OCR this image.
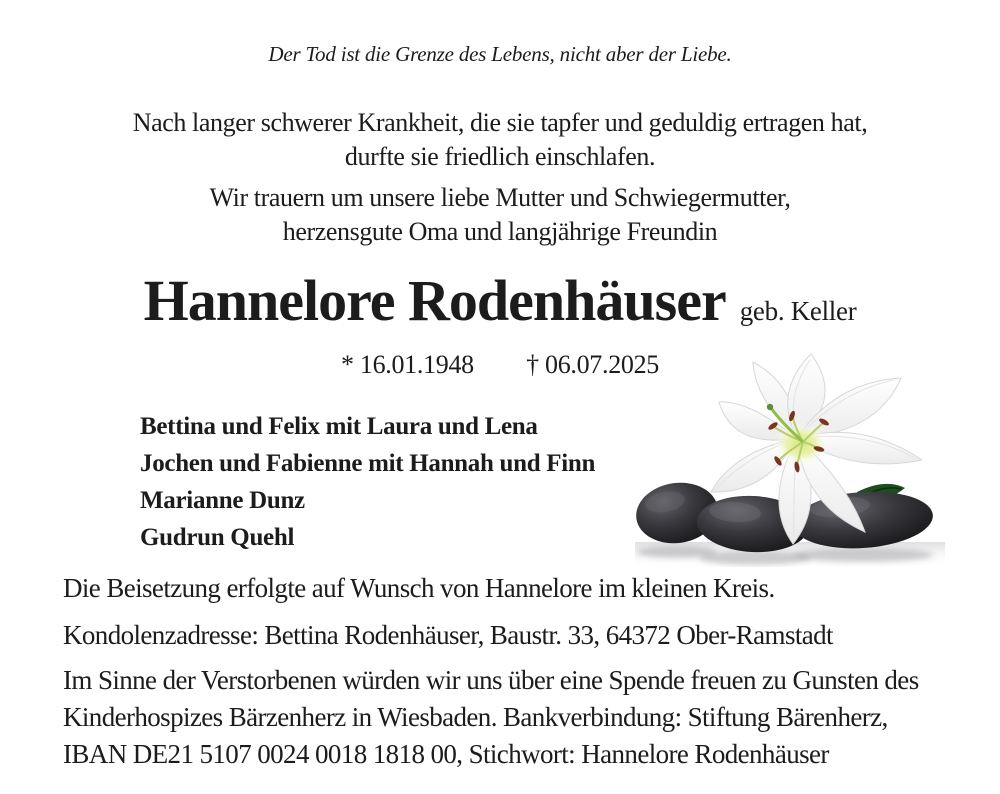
Der Tod ist die Grenze des Lebens, nicht aber der Liebe.
Nach langer schwerer Krankheit, die sie tapfer und geduldig ertragen hat,
durfte sie friedlich einschlafen.
Wir trauern um unsere liebe Mutter und Schwiegermutter,
herzensgute Oma und langjährige Freundin
Hannelore Rodenhäuser geb. Keller
* 16.01.1948 † 06.07.2025
Bettina und Felix mit Laura und Lena
Jochen und Fabienne mit Hannah und Finn
Marianne Dunz
Gudrun Quehl
Die Beisetzung erfolgte auf Wunsch von Hannelore im kleinen Kreis.
Kondolenzadresse: Bettina Rodenhäuser, Baustr. 33, 64372 Ober-Ramstadt
Im Sinne der Verstorbenen würden wir uns über eine Spende freuen zu Gunsten des
Kinderhospizes Bärzenherz in Wiesbaden. Bankverbindung: Stiftung Bärenherz,
IBAN DE21 5107 0024 0018 1818 00, Stichwort: Hannelore Rodenhäuser
